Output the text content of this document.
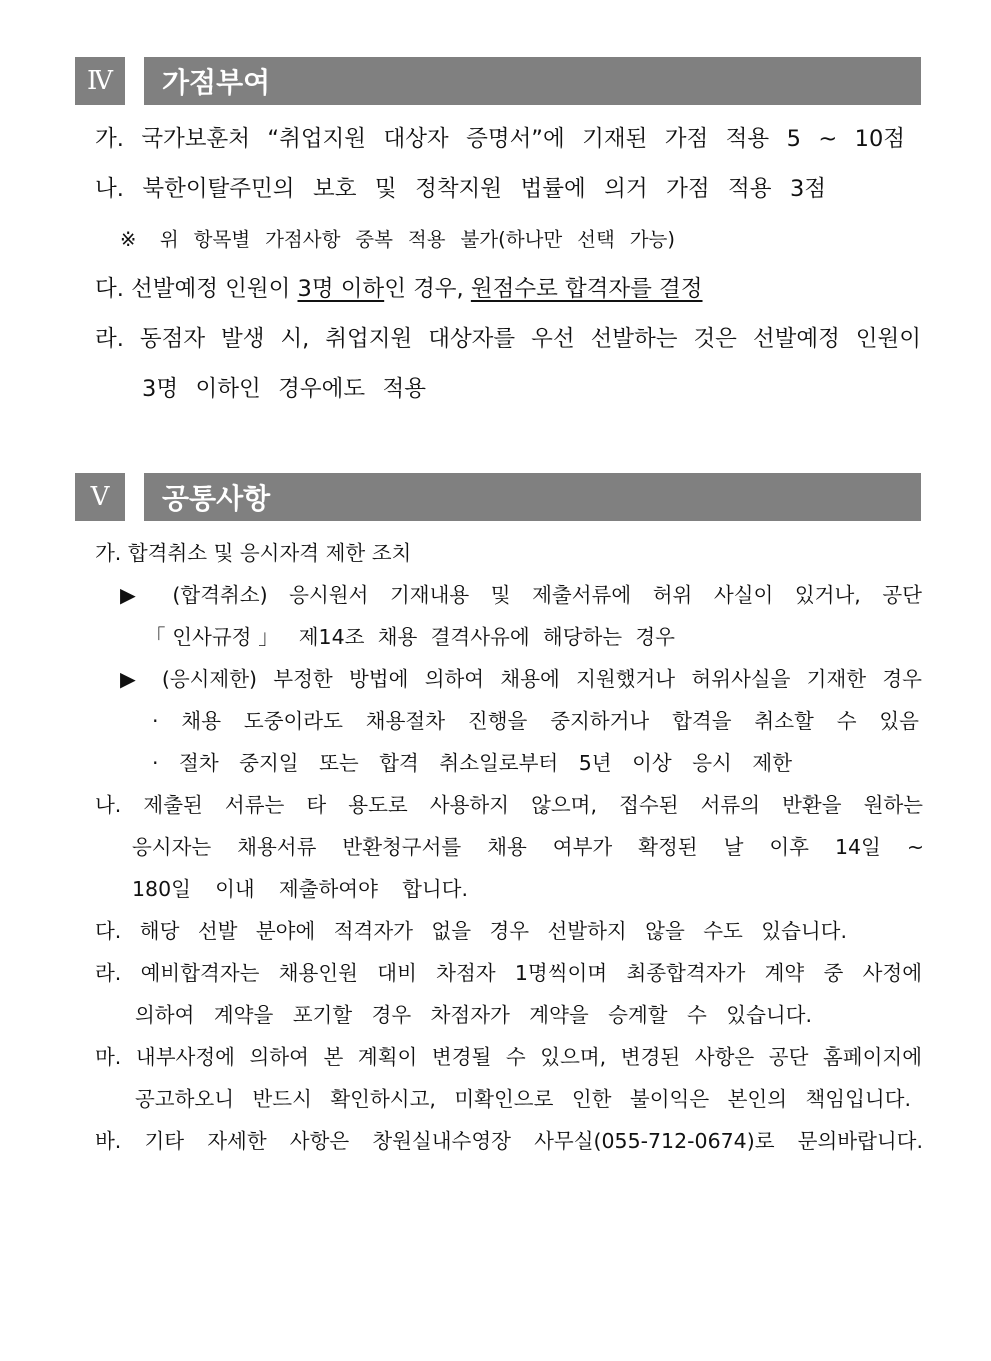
Ⅳ	가점부여
가. 국가보훈처 “취업지원 대상자 증명서”에 기재된 가점 적용 5 ~ 10점
나. 북한이탈주민의 보호 및 정착지원 법률에 의거 가점 적용 3점
※ 위 항목별 가점사항 중복 적용 불가(하나만 선택 가능)
다. 선발예정 인원이 3명 이하인 경우, 원점수로 합격자를 결정
라. 동점자 발생 시, 취업지원 대상자를 우선 선발하는 것은 선발예정 인원이
3명 이하인 경우에도 적용
Ⅴ	공통사항
가. 합격취소 및 응시자격 제한 조치
▶ (합격취소) 응시원서 기재내용 및 제출서류에 허위 사실이 있거나, 공단
「인사규정」 제14조 채용 결격사유에 해당하는 경우
▶ (응시제한) 부정한 방법에 의하여 채용에 지원했거나 허위사실을 기재한 경우
· 채용 도중이라도 채용절차 진행을 중지하거나 합격을 취소할 수 있음
· 절차 중지일 또는 합격 취소일로부터 5년 이상 응시 제한
나. 제출된 서류는 타 용도로 사용하지 않으며, 접수된 서류의 반환을 원하는
응시자는 채용서류 반환청구서를 채용 여부가 확정된 날 이후 14일 ~
180일 이내 제출하여야 합니다.
다. 해당 선발 분야에 적격자가 없을 경우 선발하지 않을 수도 있습니다.
라. 예비합격자는 채용인원 대비 차점자 1명씩이며 최종합격자가 계약 중 사정에
의하여 계약을 포기할 경우 차점자가 계약을 승계할 수 있습니다.
마. 내부사정에 의하여 본 계획이 변경될 수 있으며, 변경된 사항은 공단 홈페이지에
공고하오니 반드시 확인하시고, 미확인으로 인한 불이익은 본인의 책임입니다.
바. 기타 자세한 사항은 창원실내수영장 사무실(055-712-0674)로 문의바랍니다.
